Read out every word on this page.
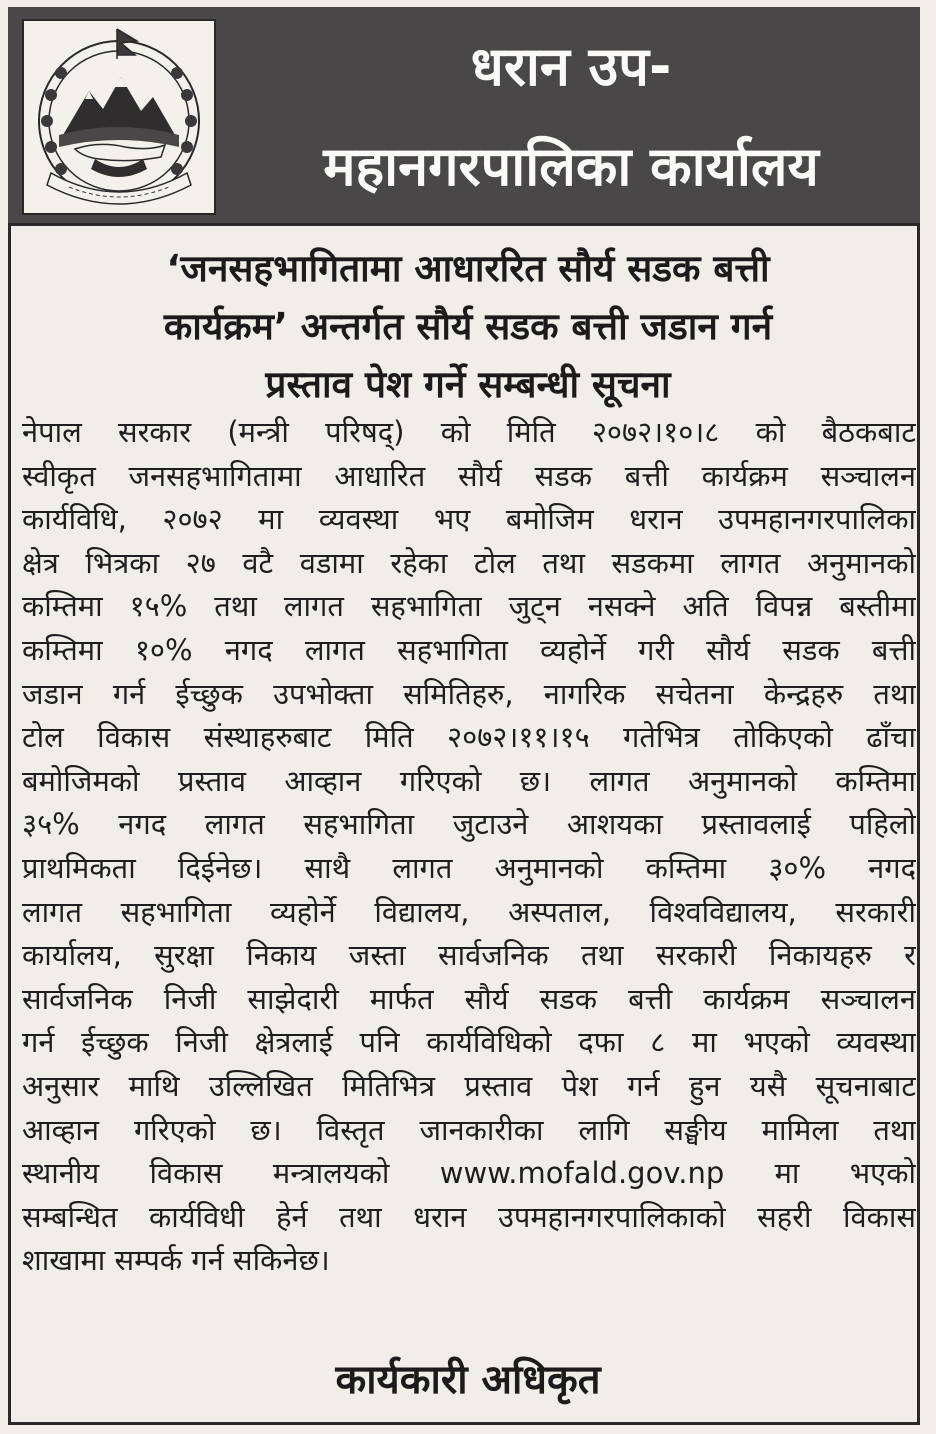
धरान उप-
महानगरपालिका कार्यालय
‘जनसहभागितामा आधाररित सौर्य सडक बत्ती
कार्यक्रम’ अन्तर्गत सौर्य सडक बत्ती जडान गर्न
प्रस्ताव पेश गर्ने सम्बन्धी सूचना

नेपाल सरकार (मन्त्री परिषद्) को मिति २०७२।१०।८ को बैठकबाट
स्वीकृत जनसहभागितामा आधारित सौर्य सडक बत्ती कार्यक्रम सञ्चालन
कार्यविधि, २०७२ मा व्यवस्था भए बमोजिम धरान उपमहानगरपालिका
क्षेत्र भित्रका २७ वटै वडामा रहेका टोल तथा सडकमा लागत अनुमानको
कम्तिमा १५% तथा लागत सहभागिता जुट्न नसक्ने अति विपन्न बस्तीमा
कम्तिमा १०% नगद लागत सहभागिता व्यहोर्ने गरी सौर्य सडक बत्ती
जडान गर्न ईच्छुक उपभोक्ता समितिहरु, नागरिक सचेतना केन्द्रहरु तथा
टोल विकास संस्थाहरुबाट मिति २०७२।११।१५ गतेभित्र तोकिएको ढाँचा
बमोजिमको प्रस्ताव आव्हान गरिएको छ। लागत अनुमानको कम्तिमा
३५% नगद लागत सहभागिता जुटाउने आशयका प्रस्तावलाई पहिलो
प्राथमिकता दिईनेछ। साथै लागत अनुमानको कम्तिमा ३०% नगद
लागत सहभागिता व्यहोर्ने विद्यालय, अस्पताल, विश्वविद्यालय, सरकारी
कार्यालय, सुरक्षा निकाय जस्ता सार्वजनिक तथा सरकारी निकायहरु र
सार्वजनिक निजी साझेदारी मार्फत सौर्य सडक बत्ती कार्यक्रम सञ्चालन
गर्न ईच्छुक निजी क्षेत्रलाई पनि कार्यविधिको दफा ८ मा भएको व्यवस्था
अनुसार माथि उल्लिखित मितिभित्र प्रस्ताव पेश गर्न हुन यसै सूचनाबाट
आव्हान गरिएको छ। विस्तृत जानकारीका लागि सङ्घीय मामिला तथा
स्थानीय विकास मन्त्रालयको www.mofald.gov.np मा भएको
सम्बन्धित कार्यविधी हेर्न तथा धरान उपमहानगरपालिकाको सहरी विकास
शाखामा सम्पर्क गर्न सकिनेछ।

कार्यकारी अधिकृत
